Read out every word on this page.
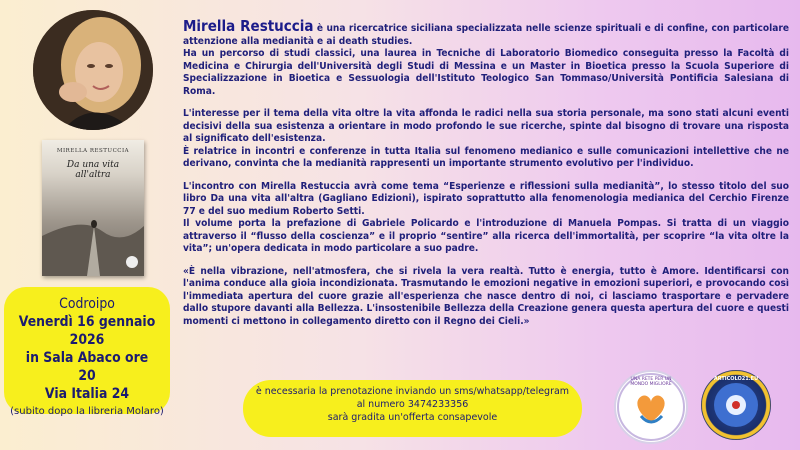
MIRELLA RESTUCCIA
Da una vita
all'altra

Mirella Restuccia è una ricercatrice siciliana specializzata nelle scienze spirituali e di confine, con particolare attenzione alla medianità e ai death studies.
Ha un percorso di studi classici, una laurea in Tecniche di Laboratorio Biomedico conseguita presso la Facoltà di Medicina e Chirurgia dell'Università degli Studi di Messina e un Master in Bioetica presso la Scuola Superiore di Specializzazione in Bioetica e Sessuologia dell'Istituto Teologico San Tommaso/Università Pontificia Salesiana di Roma.

L'interesse per il tema della vita oltre la vita affonda le radici nella sua storia personale, ma sono stati alcuni eventi decisivi della sua esistenza a orientare in modo profondo le sue ricerche, spinte dal bisogno di trovare una risposta al significato dell'esistenza.
È relatrice in incontri e conferenze in tutta Italia sul fenomeno medianico e sulle comunicazioni intellettive che ne derivano, convinta che la medianità rappresenti un importante strumento evolutivo per l'individuo.

L'incontro con Mirella Restuccia avrà come tema “Esperienze e riflessioni sulla medianità”, lo stesso titolo del suo libro Da una vita all'altra (Gagliano Edizioni), ispirato soprattutto alla fenomenologia medianica del Cerchio Firenze 77 e del suo medium Roberto Setti.
Il volume porta la prefazione di Gabriele Policardo e l'introduzione di Manuela Pompas. Si tratta di un viaggio attraverso il “flusso della coscienza” e il proprio “sentire” alla ricerca dell'immortalità, per scoprire “la vita oltre la vita”; un'opera dedicata in modo particolare a suo padre.

«È nella vibrazione, nell'atmosfera, che si rivela la vera realtà. Tutto è energia, tutto è Amore. Identificarsi con l'anima conduce alla gioia incondizionata. Trasmutando le emozioni negative in emozioni superiori, e provocando così l'immediata apertura del cuore grazie all'esperienza che nasce dentro di noi, ci lasciamo trasportare e pervadere dallo stupore davanti alla Bellezza. L'insostenibile Bellezza della Creazione genera questa apertura del cuore e questi momenti ci mettono in collegamento diretto con il Regno dei Cieli.»

Codroipo
Venerdì 16 gennaio 2026
in Sala Abaco ore 20
Via Italia 24
(subito dopo la libreria Molaro)
è necessaria la prenotazione inviando un sms/whatsapp/telegram
al numero 3474233356
sarà gradita un'offerta consapevole
UNA RETE PER UN MONDO MIGLIORE
ARTICOLO21.EU
